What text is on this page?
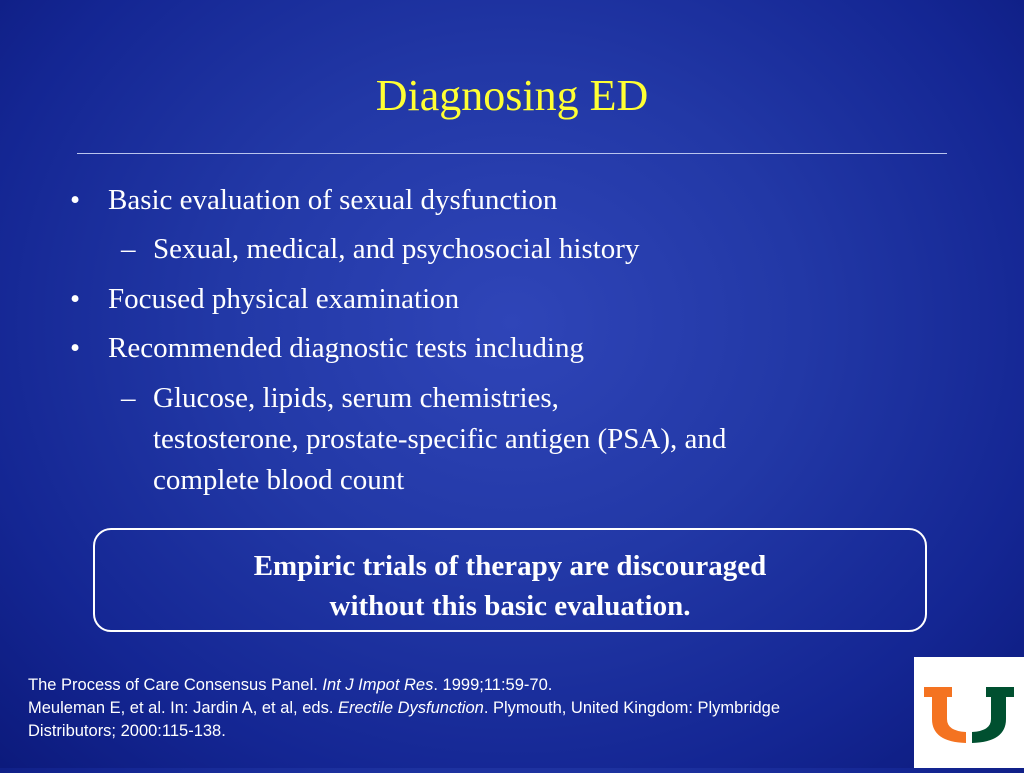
Diagnosing ED
• Basic evaluation of sexual dysfunction
– Sexual, medical, and psychosocial history
• Focused physical examination
• Recommended diagnostic tests including
– Glucose, lipids, serum chemistries,
testosterone, prostate-specific antigen (PSA), and
complete blood count
Empiric trials of therapy are discouraged
without this basic evaluation.
The Process of Care Consensus Panel. Int J Impot Res. 1999;11:59-70.
Meuleman E, et al. In: Jardin A, et al, eds. Erectile Dysfunction. Plymouth, United Kingdom: Plymbridge
Distributors; 2000:115-138.
